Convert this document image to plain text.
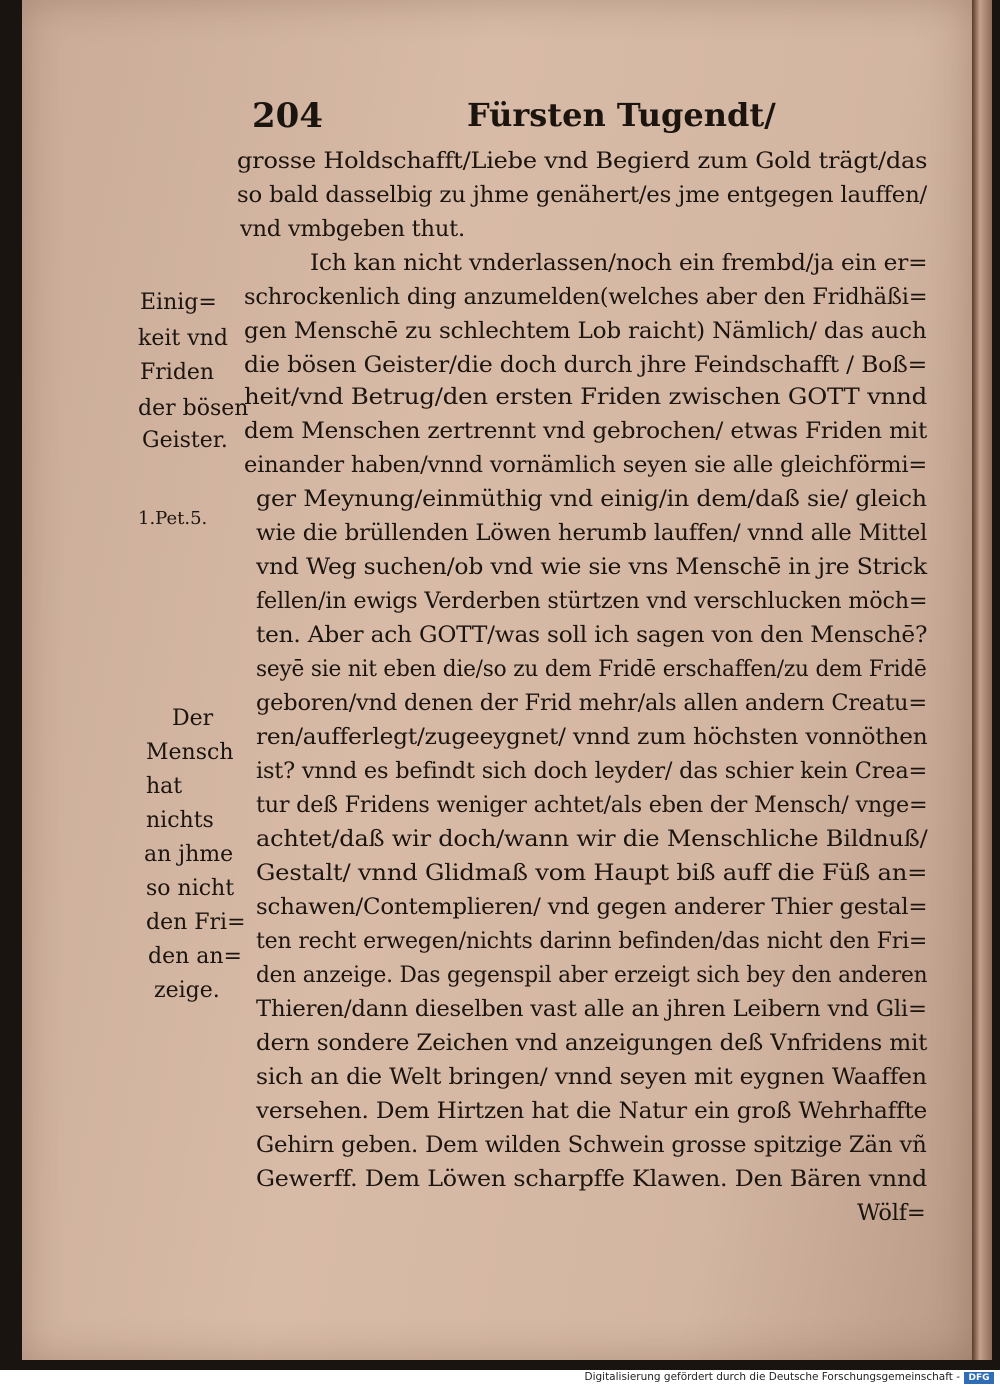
204	Fürsten Tugendt/
grosse Holdschafft/Liebe vnd Begierd zum Gold trägt/das
so bald dasselbig zu jhme genähert/es jme entgegen lauffen/
vnd vmbgeben thut.
Ich kan nicht vnderlassen/noch ein frembd/ja ein er=
schrockenlich ding anzumelden(welches aber den Fridhäßi=
gen Menschē zu schlechtem Lob raicht) Nämlich/ das auch
die bösen Geister/die doch durch jhre Feindschafft / Boß=
heit/vnd Betrug/den ersten Friden zwischen GOTT vnnd
dem Menschen zertrennt vnd gebrochen/ etwas Friden mit
einander haben/vnnd vornämlich seyen sie alle gleichförmi=
ger Meynung/einmüthig vnd einig/in dem/daß sie/ gleich
wie die brüllenden Löwen herumb lauffen/ vnnd alle Mittel
vnd Weg suchen/ob vnd wie sie vns Menschē in jre Strick
fellen/in ewigs Verderben stürtzen vnd verschlucken möch=
ten. Aber ach GOTT/was soll ich sagen von den Menschē?
seyē sie nit eben die/so zu dem Fridē erschaffen/zu dem Fridē
geboren/vnd denen der Frid mehr/als allen andern Creatu=
ren/aufferlegt/zugeeygnet/ vnnd zum höchsten vonnöthen
ist? vnnd es befindt sich doch leyder/ das schier kein Crea=
tur deß Fridens weniger achtet/als eben der Mensch/ vnge=
achtet/daß wir doch/wann wir die Menschliche Bildnuß/
Gestalt/ vnnd Glidmaß vom Haupt biß auff die Füß an=
schawen/Contemplieren/ vnd gegen anderer Thier gestal=
ten recht erwegen/nichts darinn befinden/das nicht den Fri=
den anzeige. Das gegenspil aber erzeigt sich bey den anderen
Thieren/dann dieselben vast alle an jhren Leibern vnd Gli=
dern sondere Zeichen vnd anzeigungen deß Vnfridens mit
sich an die Welt bringen/ vnnd seyen mit eygnen Waaffen
versehen. Dem Hirtzen hat die Natur ein groß Wehrhaffte
Gehirn geben. Dem wilden Schwein grosse spitzige Zän vñ
Gewerff. Dem Löwen scharpffe Klawen. Den Bären vnnd
Wölf=
Einig=
keit vnd
Friden
der bösen
Geister.
1.Pet.5.
Der
Mensch
hat
nichts
an jhme
so nicht
den Fri=
den an=
zeige.
Digitalisierung gefördert durch die Deutsche Forschungsgemeinschaft - DFG
